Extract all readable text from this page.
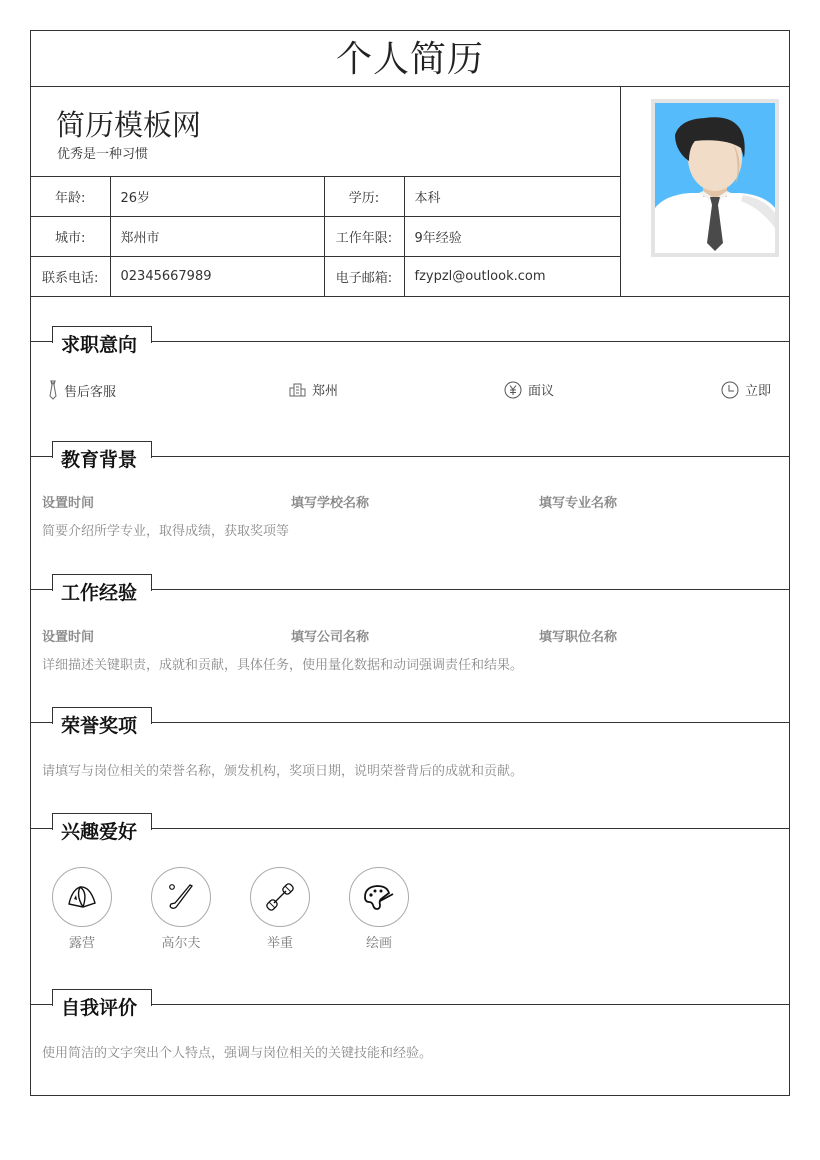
个人简历
简历模板网
优秀是一种习惯
年龄:	26岁	学历:	本科
城市:	郑州市	工作年限:	9年经验
联系电话:	02345667989	电子邮箱:	fzypzl@outlook.com
求职意向
售后客服	郑州	面议	立即
教育背景
设置时间	填写学校名称	填写专业名称
简要介绍所学专业，取得成绩，获取奖项等
工作经验
设置时间	填写公司名称	填写职位名称
详细描述关键职责，成就和贡献，具体任务，使用量化数据和动词强调责任和结果。
荣誉奖项
请填写与岗位相关的荣誉名称，颁发机构，奖项日期，说明荣誉背后的成就和贡献。
兴趣爱好
露营	高尔夫	举重	绘画
自我评价
使用简洁的文字突出个人特点，强调与岗位相关的关键技能和经验。
